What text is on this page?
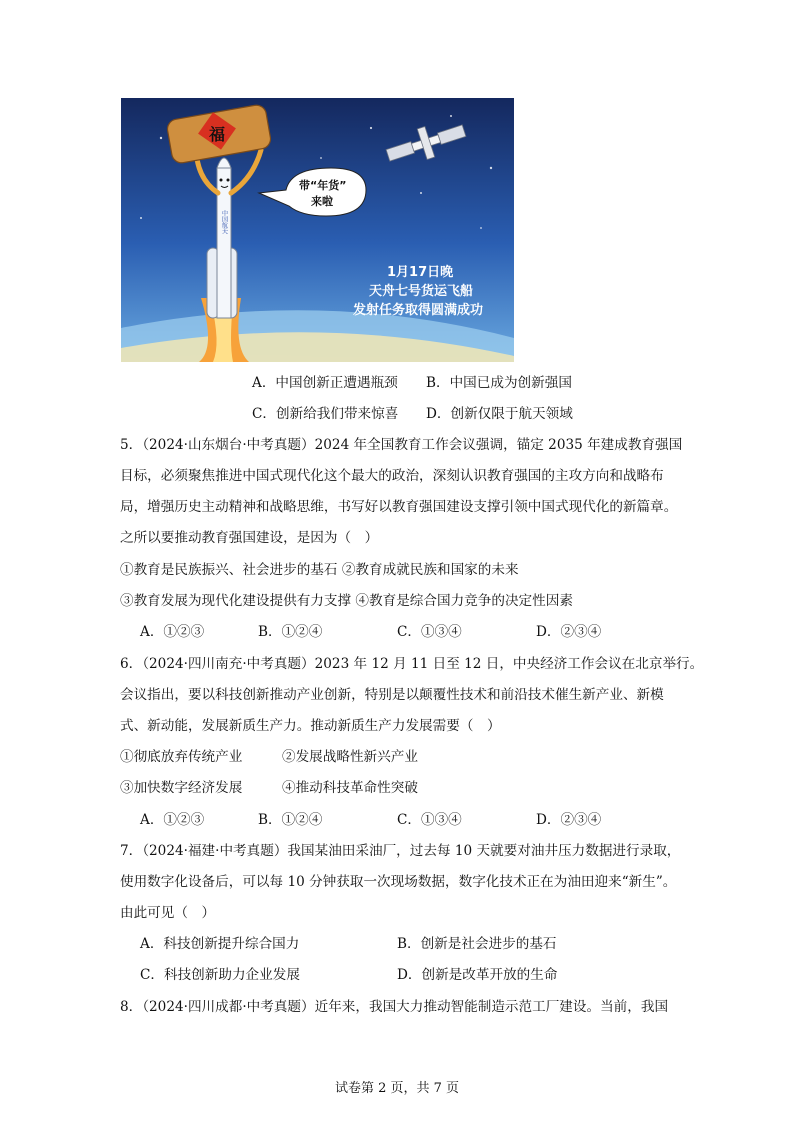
中国航天
福
带“年货”
来啦
1月17日晚
天舟七号货运飞船
发射任务取得圆满成功
A．中国创新正遭遇瓶颈 B．中国已成为创新强国
C．创新给我们带来惊喜 D．创新仅限于航天领域
5．（2024·山东烟台·中考真题）2024 年全国教育工作会议强调，锚定 2035 年建成教育强国
目标，必须聚焦推进中国式现代化这个最大的政治，深刻认识教育强国的主攻方向和战略布
局，增强历史主动精神和战略思维，书写好以教育强国建设支撑引领中国式现代化的新篇章。
之所以要推动教育强国建设，是因为（　）
①教育是民族振兴、社会进步的基石 ②教育成就民族和国家的未来
③教育发展为现代化建设提供有力支撑 ④教育是综合国力竞争的决定性因素
A．①②③	B．①②④	C．①③④	D．②③④
6．（2024·四川南充·中考真题）2023 年 12 月 11 日至 12 日，中央经济工作会议在北京举行。
会议指出，要以科技创新推动产业创新，特别是以颠覆性技术和前沿技术催生新产业、新模
式、新动能，发展新质生产力。推动新质生产力发展需要（　）
①彻底放弃传统产业	②发展战略性新兴产业
③加快数字经济发展	④推动科技革命性突破
A．①②③	B．①②④	C．①③④	D．②③④
7．（2024·福建·中考真题）我国某油田采油厂，过去每 10 天就要对油井压力数据进行录取，
使用数字化设备后，可以每 10 分钟获取一次现场数据，数字化技术正在为油田迎来“新生”。
由此可见（　）
A．科技创新提升综合国力	B．创新是社会进步的基石
C．科技创新助力企业发展	D．创新是改革开放的生命
8．（2024·四川成都·中考真题）近年来，我国大力推动智能制造示范工厂建设。当前，我国
试卷第 2 页，共 7 页
